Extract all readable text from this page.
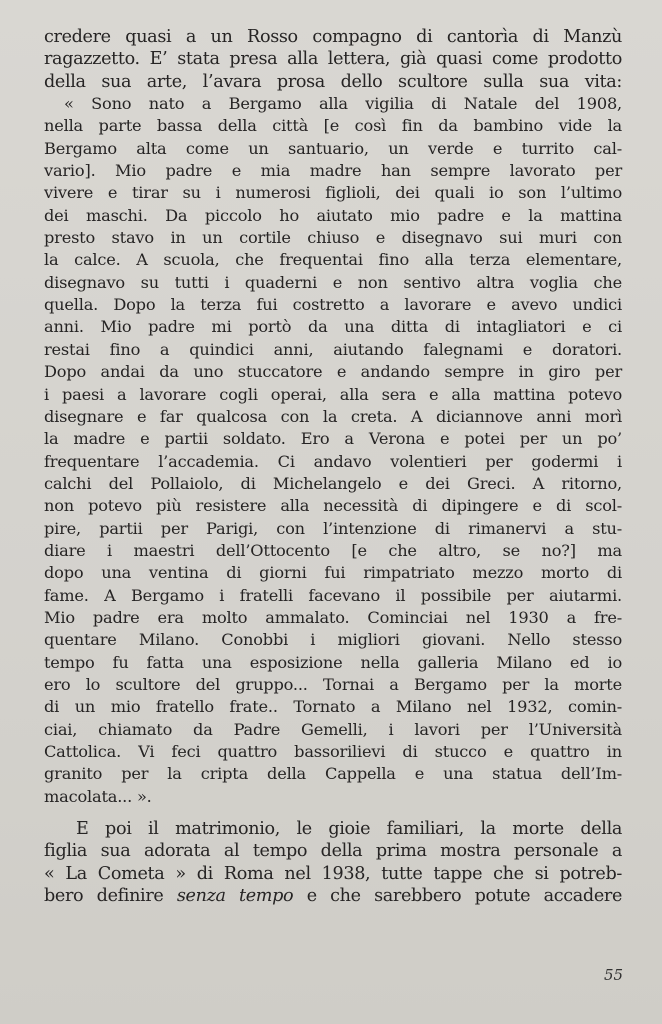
credere quasi a un Rosso compagno di cantorìa di Manzù
ragazzetto. E’ stata presa alla lettera, già quasi come prodotto
della sua arte, l’avara prosa dello scultore sulla sua vita:
« Sono nato a Bergamo alla vigilia di Natale del 1908,
nella parte bassa della città [e così fin da bambino vide la
Bergamo alta come un santuario, un verde e turrito cal-
vario]. Mio padre e mia madre han sempre lavorato per
vivere e tirar su i numerosi figlioli, dei quali io son l’ultimo
dei maschi. Da piccolo ho aiutato mio padre e la mattina
presto stavo in un cortile chiuso e disegnavo sui muri con
la calce. A scuola, che frequentai fino alla terza elementare,
disegnavo su tutti i quaderni e non sentivo altra voglia che
quella. Dopo la terza fui costretto a lavorare e avevo undici
anni. Mio padre mi portò da una ditta di intagliatori e ci
restai fino a quindici anni, aiutando falegnami e doratori.
Dopo andai da uno stuccatore e andando sempre in giro per
i paesi a lavorare cogli operai, alla sera e alla mattina potevo
disegnare e far qualcosa con la creta. A diciannove anni morì
la madre e partii soldato. Ero a Verona e potei per un po’
frequentare l’accademia. Ci andavo volentieri per godermi i
calchi del Pollaiolo, di Michelangelo e dei Greci. A ritorno,
non potevo più resistere alla necessità di dipingere e di scol-
pire, partii per Parigi, con l’intenzione di rimanervi a stu-
diare i maestri dell’Ottocento [e che altro, se no?] ma
dopo una ventina di giorni fui rimpatriato mezzo morto di
fame. A Bergamo i fratelli facevano il possibile per aiutarmi.
Mio padre era molto ammalato. Cominciai nel 1930 a fre-
quentare Milano. Conobbi i migliori giovani. Nello stesso
tempo fu fatta una esposizione nella galleria Milano ed io
ero lo scultore del gruppo... Tornai a Bergamo per la morte
di un mio fratello frate.. Tornato a Milano nel 1932, comin-
ciai, chiamato da Padre Gemelli, i lavori per l’Università
Cattolica. Vi feci quattro bassorilievi di stucco e quattro in
granito per la cripta della Cappella e una statua dell’Im-
macolata... ».
E poi il matrimonio, le gioie familiari, la morte della
figlia sua adorata al tempo della prima mostra personale a
« La Cometa » di Roma nel 1938, tutte tappe che si potreb-
bero definire senza tempo e che sarebbero potute accadere
55
